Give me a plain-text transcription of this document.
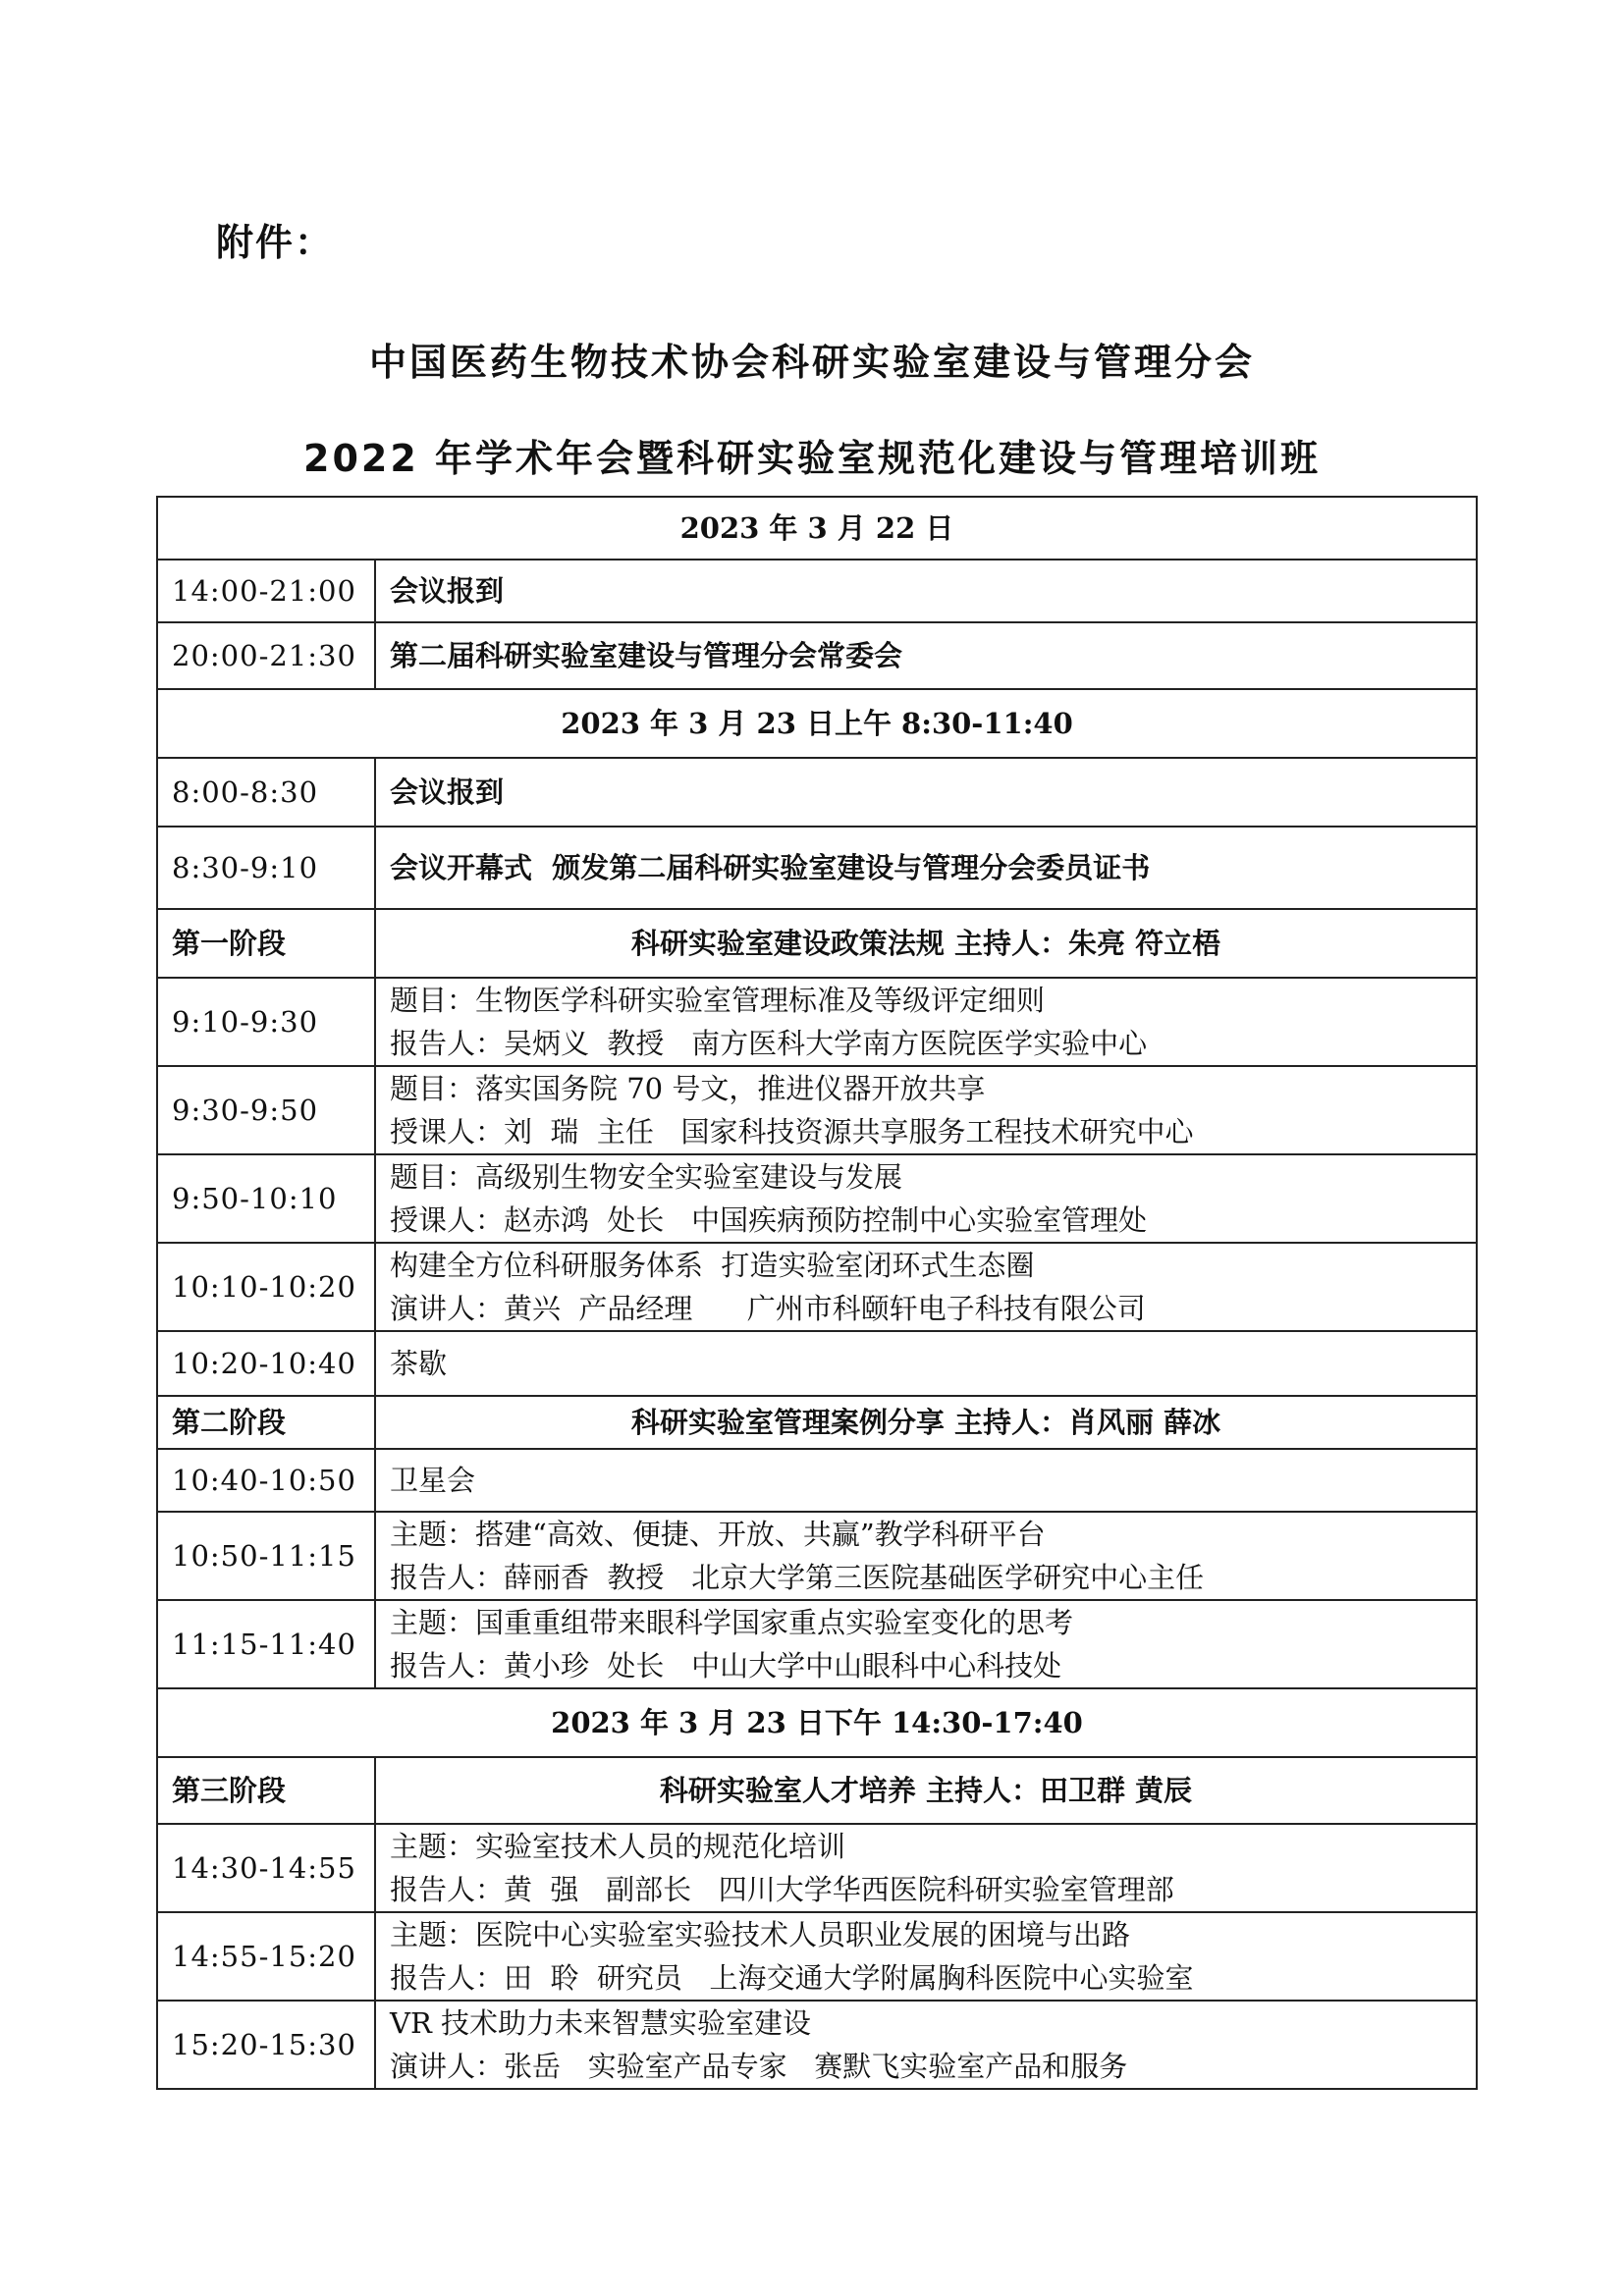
附件：
中国医药生物技术协会科研实验室建设与管理分会
2022 年学术年会暨科研实验室规范化建设与管理培训班
2023 年 3 月 22 日	
14:00-21:00	会议报到

20:00-21:30	第二届科研实验室建设与管理分会常委会

2023 年 3 月 23 日上午 8:30-11:40	
8:00-8:30	会议报到

8:30-9:10	会议开幕式  颁发第二届科研实验室建设与管理分会委员证书

第一阶段	科研实验室建设政策法规 主持人：朱亮 符立梧
9:10-9:30	题目：生物医学科研实验室管理标准及等级评定细则
报告人：吴炳义  教授   南方医科大学南方医院医学实验中心

9:30-9:50	题目：落实国务院 70 号文，推进仪器开放共享
授课人：刘  瑞  主任   国家科技资源共享服务工程技术研究中心

9:50-10:10	题目：高级别生物安全实验室建设与发展
授课人：赵赤鸿  处长   中国疾病预防控制中心实验室管理处

10:10-10:20	构建全方位科研服务体系  打造实验室闭环式生态圈
演讲人：黄兴  产品经理      广州市科颐轩电子科技有限公司

10:20-10:40	茶歇

第二阶段	科研实验室管理案例分享 主持人：肖风丽 薛冰
10:40-10:50	卫星会

10:50-11:15	主题：搭建“高效、便捷、开放、共赢”教学科研平台
报告人：薛丽香  教授   北京大学第三医院基础医学研究中心主任

11:15-11:40	主题：国重重组带来眼科学国家重点实验室变化的思考
报告人：黄小珍  处长   中山大学中山眼科中心科技处

2023 年 3 月 23 日下午 14:30-17:40	
第三阶段	科研实验室人才培养 主持人：田卫群 黄辰
14:30-14:55	主题：实验室技术人员的规范化培训
报告人：黄  强   副部长   四川大学华西医院科研实验室管理部

14:55-15:20	主题：医院中心实验室实验技术人员职业发展的困境与出路
报告人：田  聆  研究员   上海交通大学附属胸科医院中心实验室

15:20-15:30	VR 技术助力未来智慧实验室建设
演讲人：张岳   实验室产品专家   赛默飞实验室产品和服务
